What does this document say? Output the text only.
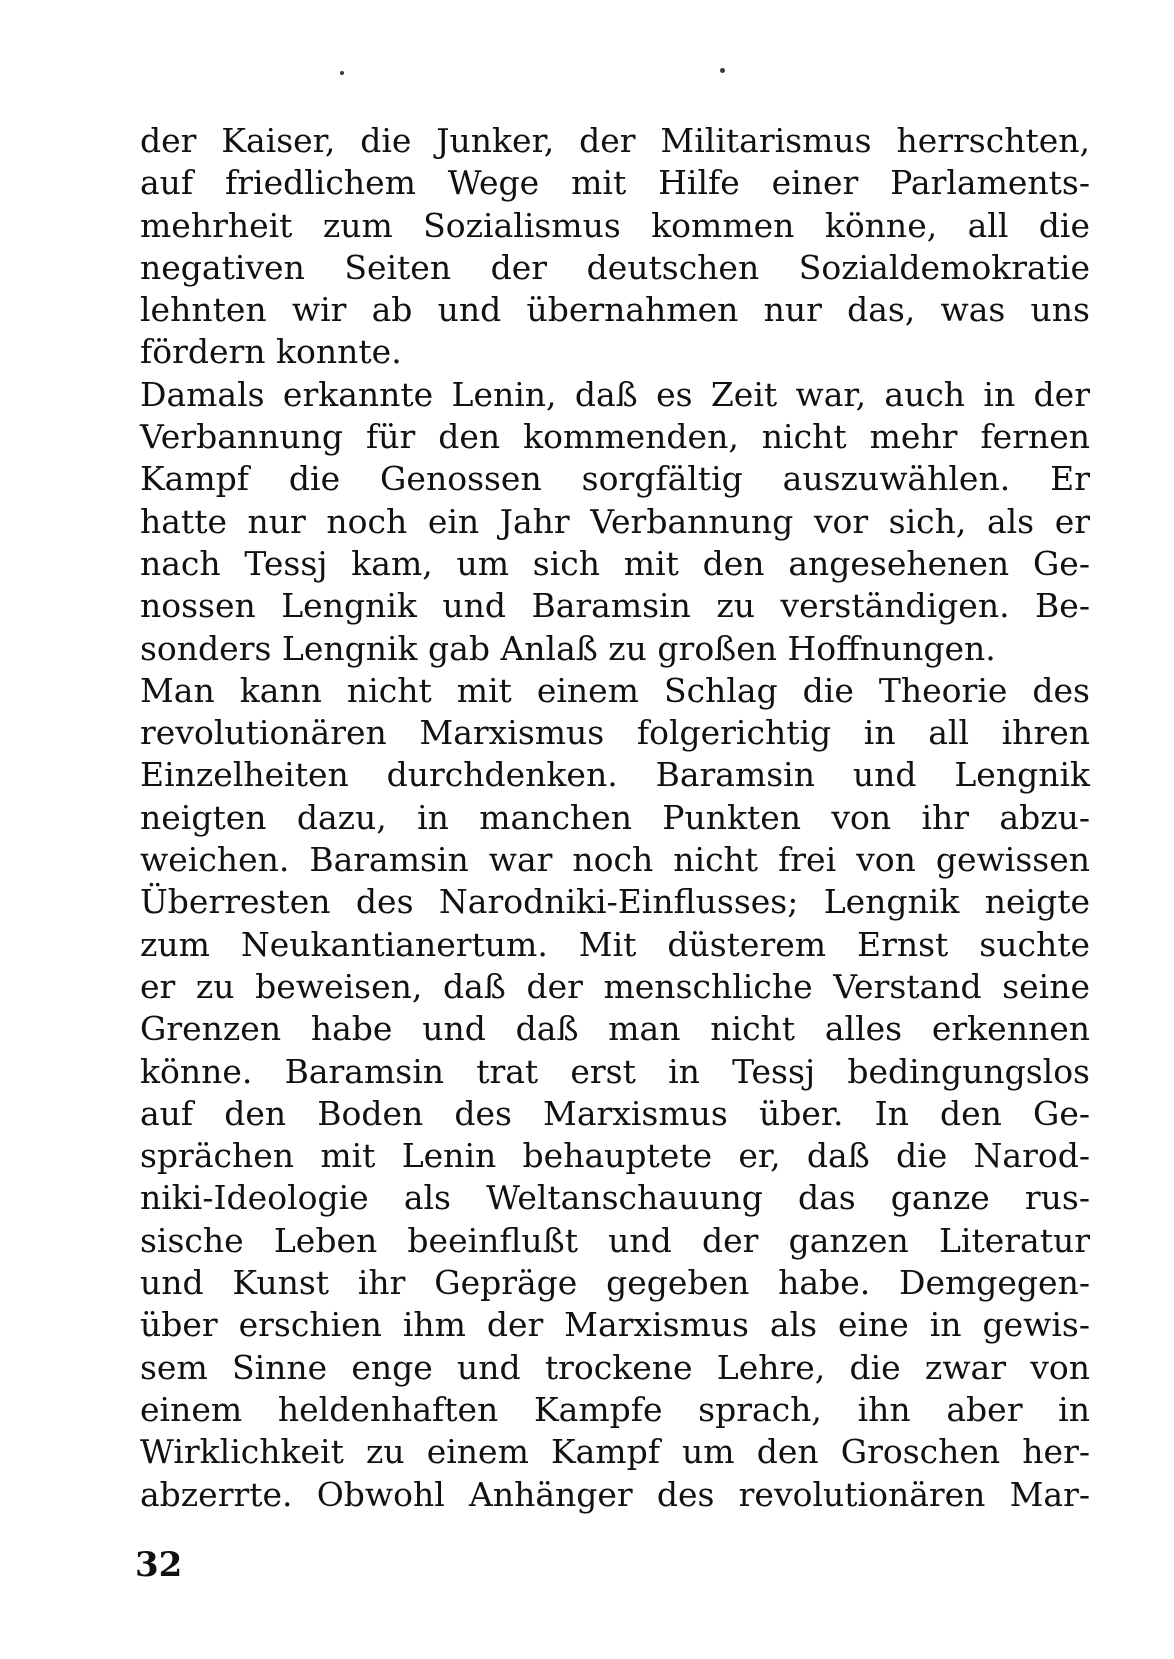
der Kaiser, die Junker, der Militarismus herrschten,
auf friedlichem Wege mit Hilfe einer Parlaments-
mehrheit zum Sozialismus kommen könne, all die
negativen Seiten der deutschen Sozialdemokratie
lehnten wir ab und übernahmen nur das, was uns
fördern konnte.
Damals erkannte Lenin, daß es Zeit war, auch in der
Verbannung für den kommenden, nicht mehr fernen
Kampf die Genossen sorgfältig auszuwählen. Er
hatte nur noch ein Jahr Verbannung vor sich, als er
nach Tessj kam, um sich mit den angesehenen Ge-
nossen Lengnik und Baramsin zu verständigen. Be-
sonders Lengnik gab Anlaß zu großen Hoffnungen.
Man kann nicht mit einem Schlag die Theorie des
revolutionären Marxismus folgerichtig in all ihren
Einzelheiten durchdenken. Baramsin und Lengnik
neigten dazu, in manchen Punkten von ihr abzu-
weichen. Baramsin war noch nicht frei von gewissen
Überresten des Narodniki-Einflusses; Lengnik neigte
zum Neukantianertum. Mit düsterem Ernst suchte
er zu beweisen, daß der menschliche Verstand seine
Grenzen habe und daß man nicht alles erkennen
könne. Baramsin trat erst in Tessj bedingungslos
auf den Boden des Marxismus über. In den Ge-
sprächen mit Lenin behauptete er, daß die Narod-
niki-Ideologie als Weltanschauung das ganze rus-
sische Leben beeinflußt und der ganzen Literatur
und Kunst ihr Gepräge gegeben habe. Demgegen-
über erschien ihm der Marxismus als eine in gewis-
sem Sinne enge und trockene Lehre, die zwar von
einem heldenhaften Kampfe sprach, ihn aber in
Wirklichkeit zu einem Kampf um den Groschen her-
abzerrte. Obwohl Anhänger des revolutionären Mar-
32
